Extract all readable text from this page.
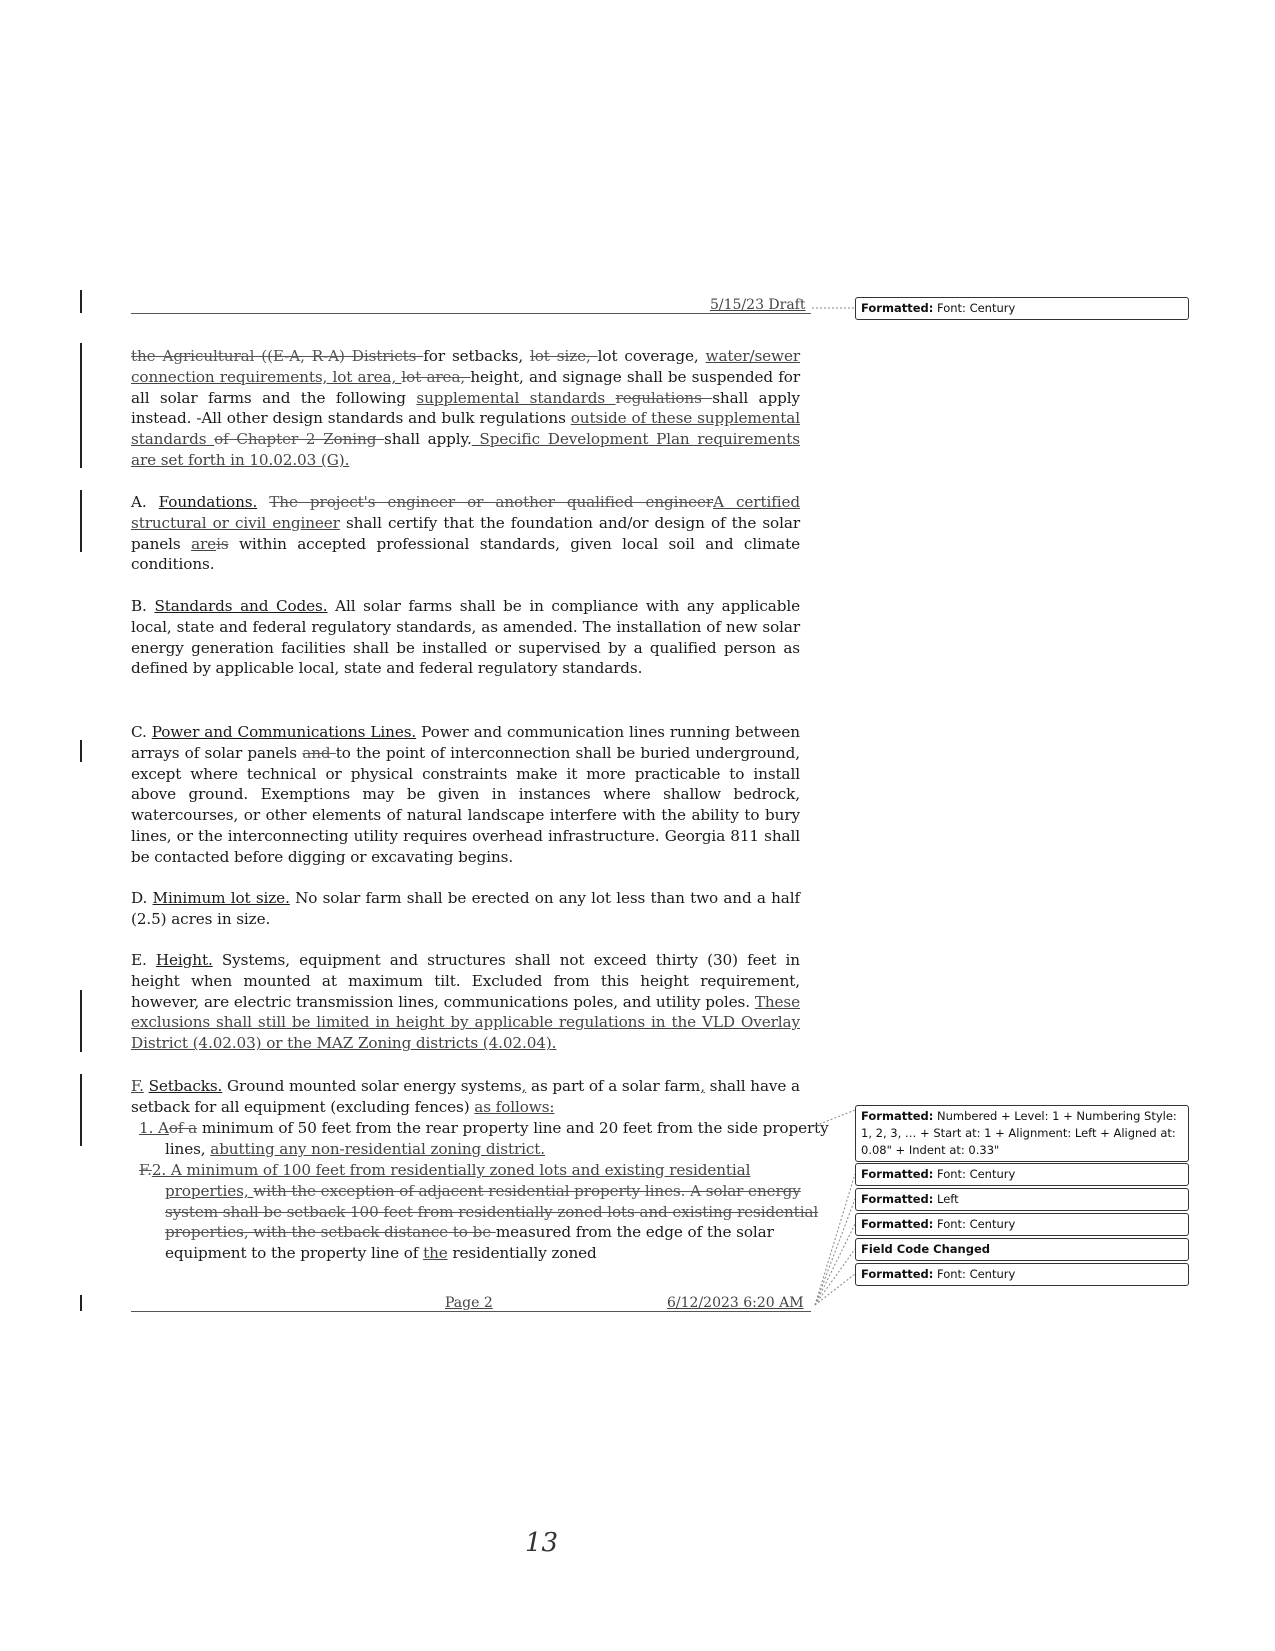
5/15/23 Draft
the Agricultural ((E-A, R-A) Districts for setbacks, lot size, lot coverage, water/sewer connection requirements, lot area, lot area, height, and signage shall be suspended for all solar farms and the following supplemental standards regulations shall apply instead. -All other design standards and bulk regulations outside of these supplemental standards of Chapter 2 Zoning shall apply. Specific Development Plan requirements are set forth in 10.02.03 (G).
A. Foundations. The project's engineer or another qualified engineerA certified structural or civil engineer shall certify that the foundation and/or design of the solar panels areis within accepted professional standards, given local soil and climate conditions.
B. Standards and Codes. All solar farms shall be in compliance with any applicable local, state and federal regulatory standards, as amended. The installation of new solar energy generation facilities shall be installed or supervised by a qualified person as defined by applicable local, state and federal regulatory standards.
C. Power and Communications Lines. Power and communication lines running between arrays of solar panels and to the point of interconnection shall be buried underground, except where technical or physical constraints make it more practicable to install above ground. Exemptions may be given in instances where shallow bedrock, watercourses, or other elements of natural landscape interfere with the ability to bury lines, or the interconnecting utility requires overhead infrastructure. Georgia 811 shall be contacted before digging or excavating begins.
D. Minimum lot size. No solar farm shall be erected on any lot less than two and a half (2.5) acres in size.
E. Height. Systems, equipment and structures shall not exceed thirty (30) feet in height when mounted at maximum tilt. Excluded from this height requirement, however, are electric transmission lines, communications poles, and utility poles. These exclusions shall still be limited in height by applicable regulations in the VLD Overlay District (4.02.03) or the MAZ Zoning districts (4.02.04).
F. Setbacks. Ground mounted solar energy systems, as part of a solar farm, shall have a setback for all equipment (excluding fences) as follows:
1. Aof a minimum of 50 feet from the rear property line and 20 feet from the side property lines, abutting any non-residential zoning district.
F.2. A minimum of 100 feet from residentially zoned lots and existing residential properties, with the exception of adjacent residential property lines. A solar energy system shall be setback 100 feet from residentially zoned lots and existing residential properties, with the setback distance to be measured from the edge of the solar equipment to the property line of the residentially zoned
Page 2	6/12/2023 6:20 AM
Formatted: Font: Century
Formatted: Numbered + Level: 1 + Numbering Style: 1, 2, 3, … + Start at: 1 + Alignment: Left + Aligned at: 0.08" + Indent at: 0.33"
Formatted: Font: Century
Formatted: Left
Formatted: Font: Century
Field Code Changed
Formatted: Font: Century
13
